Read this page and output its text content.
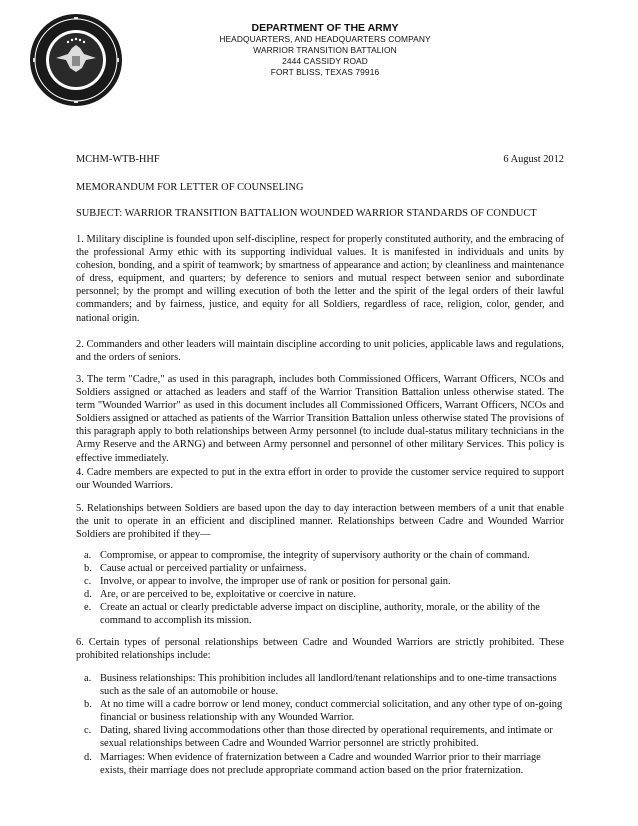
DEPARTMENT OF THE ARMY
HEADQUARTERS, AND HEADQUARTERS COMPANY
WARRIOR TRANSITION BATTALION
2444 CASSIDY ROAD
FORT BLISS, TEXAS 79916
MCHM-WTB-HHF	6 August 2012

MEMORANDUM FOR LETTER OF COUNSELING

SUBJECT: WARRIOR TRANSITION BATTALION WOUNDED WARRIOR STANDARDS OF CONDUCT

1. Military discipline is founded upon self-discipline, respect for properly constituted authority, and the embracing of the professional Army ethic with its supporting individual values. It is manifested in individuals and units by cohesion, bonding, and a spirit of teamwork; by smartness of appearance and action; by cleanliness and maintenance of dress, equipment, and quarters; by deference to seniors and mutual respect between senior and subordinate personnel; by the prompt and willing execution of both the letter and the spirit of the legal orders of their lawful commanders; and by fairness, justice, and equity for all Soldiers, regardless of race, religion, color, gender, and national origin.

2. Commanders and other leaders will maintain discipline according to unit policies, applicable laws and regulations, and the orders of seniors.

3. The term "Cadre," as used in this paragraph, includes both Commissioned Officers, Warrant Officers, NCOs and Soldiers assigned or attached as leaders and staff of the Warrior Transition Battalion unless otherwise stated. The term "Wounded Warrior" as used in this document includes all Commissioned Officers, Warrant Officers, NCOs and Soldiers assigned or attached as patients of the Warrior Transition Battalion unless otherwise stated The provisions of this paragraph apply to both relationships between Army personnel (to include dual-status military technicians in the Army Reserve and the ARNG) and between Army personnel and personnel of other military Services. This policy is effective immediately.

4. Cadre members are expected to put in the extra effort in order to provide the customer service required to support our Wounded Warriors.

5. Relationships between Soldiers are based upon the day to day interaction between members of a unit that enable the unit to operate in an efficient and disciplined manner. Relationships between Cadre and Wounded Warrior Soldiers are prohibited if they—

a. Compromise, or appear to compromise, the integrity of supervisory authority or the chain of command.
b. Cause actual or perceived partiality or unfairness.
c. Involve, or appear to involve, the improper use of rank or position for personal gain.
d. Are, or are perceived to be, exploitative or coercive in nature.
e. Create an actual or clearly predictable adverse impact on discipline, authority, morale, or the ability of the command to accomplish its mission.

6. Certain types of personal relationships between Cadre and Wounded Warriors are strictly prohibited. These prohibited relationships include:

a. Business relationships: This prohibition includes all landlord/tenant relationships and to one-time transactions such as the sale of an automobile or house.
b. At no time will a cadre borrow or lend money, conduct commercial solicitation, and any other type of on-going financial or business relationship with any Wounded Warrior.
c. Dating, shared living accommodations other than those directed by operational requirements, and intimate or sexual relationships between Cadre and Wounded Warrior personnel are strictly prohibited.
d. Marriages: When evidence of fraternization between a Cadre and wounded Warrior prior to their marriage exists, their marriage does not preclude appropriate command action based on the prior fraternization.
